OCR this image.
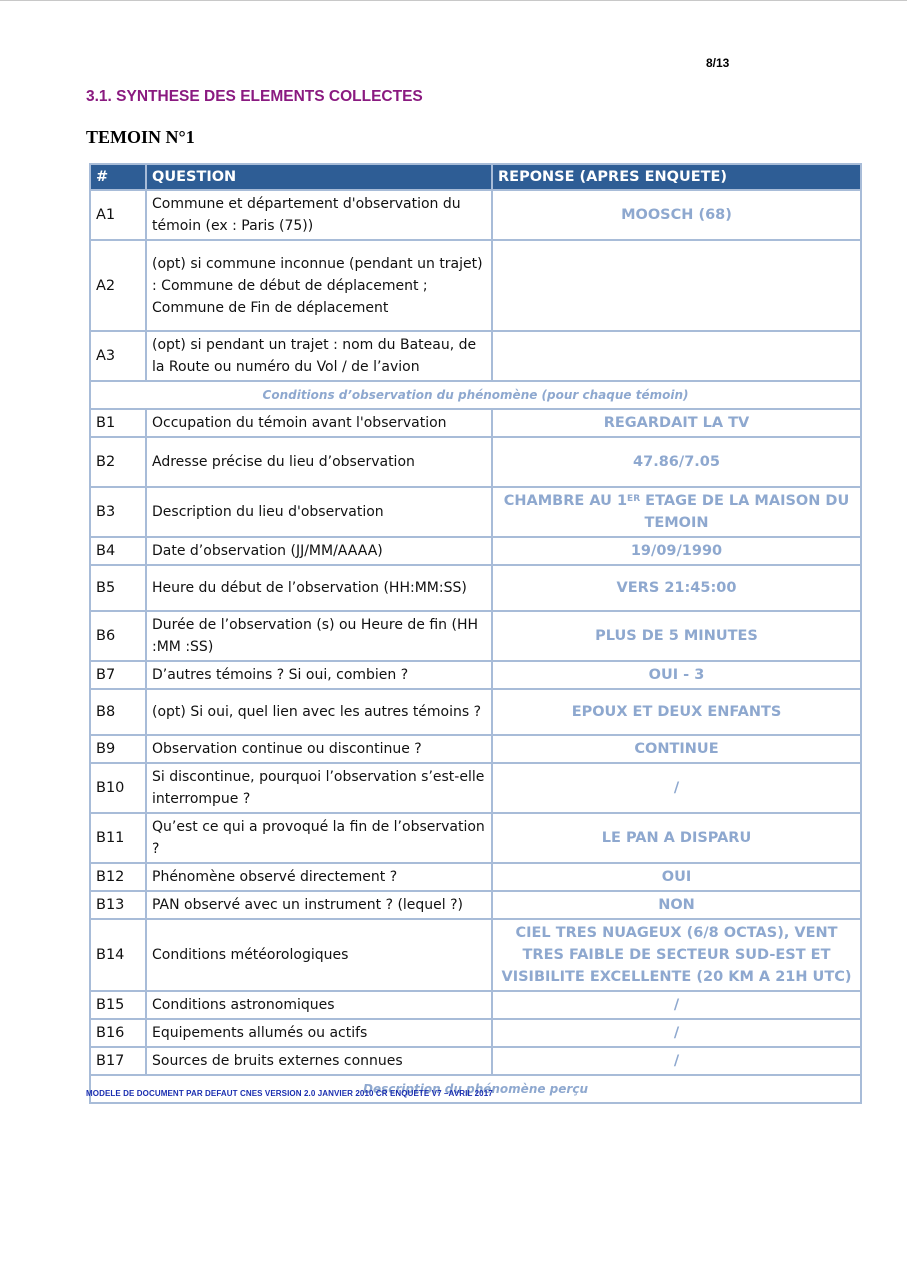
8/13
3.1. SYNTHESE DES ELEMENTS COLLECTES
TEMOIN N°1
#	QUESTION	REPONSE (APRES ENQUETE)
A1	Commune et département d'observation du témoin (ex : Paris (75))	MOOSCH (68)
A2	(opt) si commune inconnue (pendant un trajet) : Commune de début de déplacement ; Commune de Fin de déplacement	
A3	(opt) si pendant un trajet : nom du Bateau, de la Route ou numéro du Vol / de l’avion	
Conditions d’observation du phénomène (pour chaque témoin)		
B1	Occupation du témoin avant l'observation	REGARDAIT LA TV
B2	Adresse précise du lieu d’observation	47.86/7.05
B3	Description du lieu d'observation	CHAMBRE AU 1ER ETAGE DE LA MAISON DU TEMOIN
B4	Date d’observation (JJ/MM/AAAA)	19/09/1990
B5	Heure du début de l’observation (HH:MM:SS)	VERS 21:45:00
B6	Durée de l’observation (s) ou Heure de fin (HH :MM :SS)	PLUS DE 5 MINUTES
B7	D’autres témoins ? Si oui, combien ?	OUI - 3
B8	(opt) Si oui, quel lien avec les autres témoins ?	EPOUX ET DEUX ENFANTS
B9	Observation continue ou discontinue ?	CONTINUE
B10	Si discontinue, pourquoi l’observation s’est-elle interrompue ?	/
B11	Qu’est ce qui a provoqué la fin de l’observation ?	LE PAN A DISPARU
B12	Phénomène observé directement ?	OUI
B13	PAN observé avec un instrument ? (lequel ?)	NON
B14	Conditions météorologiques	CIEL TRES NUAGEUX (6/8 OCTAS), VENT TRES FAIBLE DE SECTEUR SUD-EST ET VISIBILITE EXCELLENTE (20 KM A 21H UTC)
B15	Conditions astronomiques	/
B16	Equipements allumés ou actifs	/
B17	Sources de bruits externes connues	/
Description du phénomène perçu		
MODELE DE DOCUMENT PAR DEFAUT CNES VERSION 2.0 JANVIER 2010 CR ENQUETE V7 –AVRIL 2017
